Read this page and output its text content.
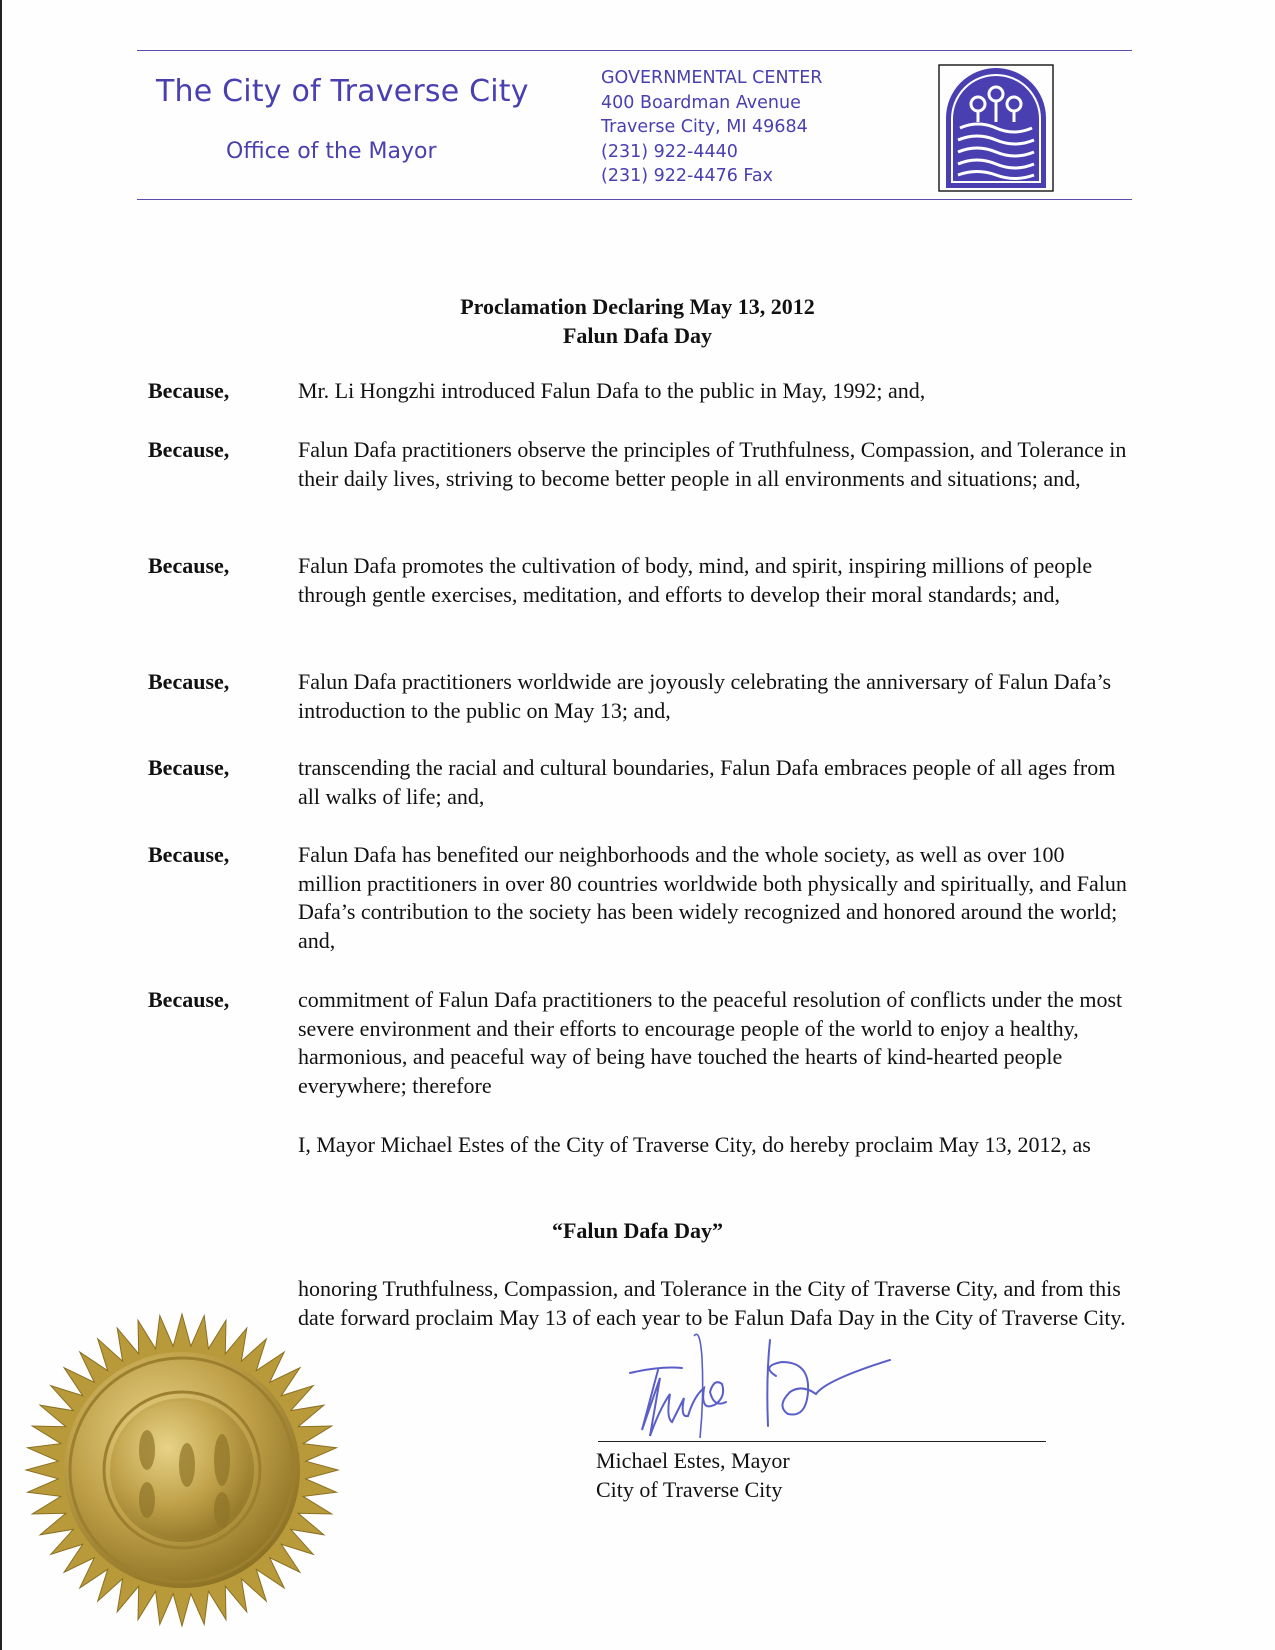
The City of Traverse City
Office of the Mayor
GOVERNMENTAL CENTER
400 Boardman Avenue
Traverse City, MI 49684
(231) 922-4440
(231) 922-4476 Fax
Proclamation Declaring May 13, 2012
Falun Dafa Day
Because,	Mr. Li Hongzhi introduced Falun Dafa to the public in May, 1992; and,
Because,	Falun Dafa practitioners observe the principles of Truthfulness, Compassion, and Tolerance in their daily lives, striving to become better people in all environments and situations; and,
Because,	Falun Dafa promotes the cultivation of body, mind, and spirit, inspiring millions of people through gentle exercises, meditation, and efforts to develop their moral standards; and,
Because,	Falun Dafa practitioners worldwide are joyously celebrating the anniversary of Falun Dafa’s introduction to the public on May 13; and,
Because,	transcending the racial and cultural boundaries, Falun Dafa embraces people of all ages from all walks of life; and,
Because,	Falun Dafa has benefited our neighborhoods and the whole society, as well as over 100 million practitioners in over 80 countries worldwide both physically and spiritually, and Falun Dafa’s contribution to the society has been widely recognized and honored around the world; and,
Because,	commitment of Falun Dafa practitioners to the peaceful resolution of conflicts under the most severe environment and their efforts to encourage people of the world to enjoy a healthy, harmonious, and peaceful way of being have touched the hearts of kind-hearted people everywhere; therefore
I, Mayor Michael Estes of the City of Traverse City, do hereby proclaim May 13, 2012, as
“Falun Dafa Day”
honoring Truthfulness, Compassion, and Tolerance in the City of Traverse City, and from this date forward proclaim May 13 of each year to be Falun Dafa Day in the City of Traverse City.
Michael Estes, Mayor
City of Traverse City
